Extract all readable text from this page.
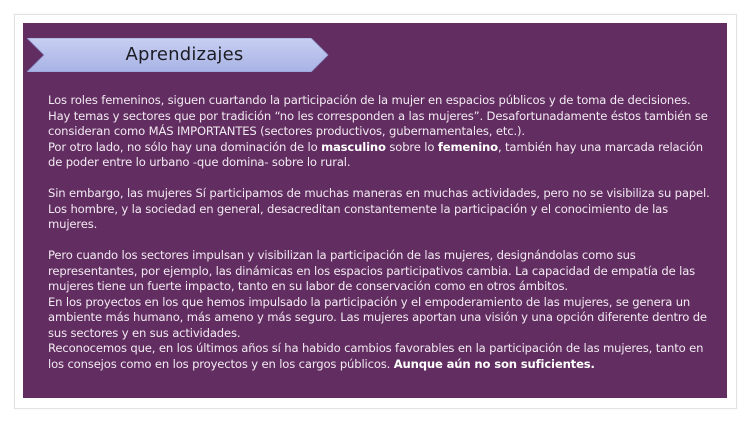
Aprendizajes

Los roles femeninos, siguen cuartando la participación de la mujer en espacios públicos y de toma de decisiones.

Hay temas y sectores que por tradición “no les corresponden a las mujeres”. Desafortunadamente éstos también se consideran como MÁS IMPORTANTES (sectores productivos, gubernamentales, etc.).

Por otro lado, no sólo hay una dominación de lo masculino sobre lo femenino, también hay una marcada relación de poder entre lo urbano -que domina- sobre lo rural.

Sin embargo, las mujeres Sí participamos de muchas maneras en muchas actividades, pero no se visibiliza su papel. Los hombre, y la sociedad en general, desacreditan constantemente la participación y el conocimiento de las mujeres.

Pero cuando los sectores impulsan y visibilizan la participación de las mujeres, designándolas como sus representantes, por ejemplo, las dinámicas en los espacios participativos cambia. La capacidad de empatía de las mujeres tiene un fuerte impacto, tanto en su labor de conservación como en otros ámbitos.

En los proyectos en los que hemos impulsado la participación y el empoderamiento de las mujeres, se genera un ambiente más humano, más ameno y más seguro. Las mujeres aportan una visión y una opción diferente dentro de sus sectores y en sus actividades.

Reconocemos que, en los últimos años sí ha habido cambios favorables en la participación de las mujeres, tanto en los consejos como en los proyectos y en los cargos públicos. Aunque aún no son suficientes.
